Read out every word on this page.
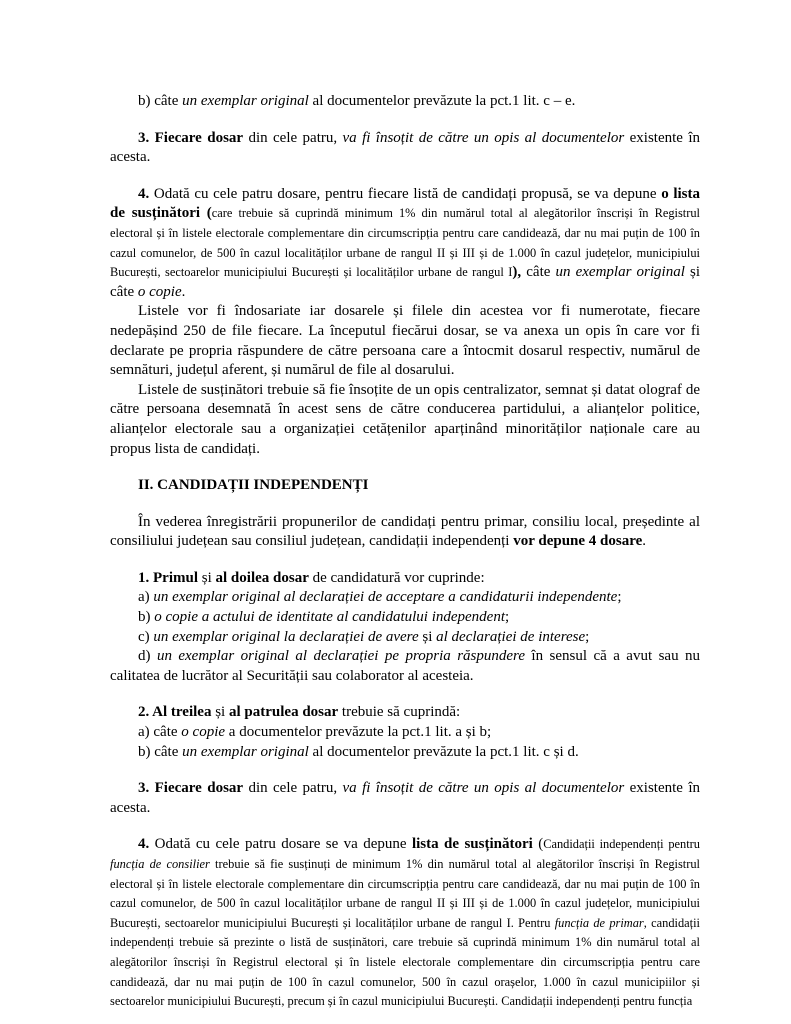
b) câte un exemplar original al documentelor prevăzute la pct.1 lit. c – e.

3. Fiecare dosar din cele patru, va fi însoțit de către un opis al documentelor existente în acesta.

4. Odată cu cele patru dosare, pentru fiecare listă de candidați propusă, se va depune o lista de susținători (care trebuie să cuprindă minimum 1% din numărul total al alegătorilor înscriși în Registrul electoral și în listele electorale complementare din circumscripția pentru care candidează, dar nu mai puțin de 100 în cazul comunelor, de 500 în cazul localităților urbane de rangul II și III și de 1.000 în cazul județelor, municipiului București, sectoarelor municipiului București și localităților urbane de rangul I), câte un exemplar original și câte o copie.

Listele vor fi îndosariate iar dosarele și filele din acestea vor fi numerotate, fiecare nedepășind 250 de file fiecare. La începutul fiecărui dosar, se va anexa un opis în care vor fi declarate pe propria răspundere de către persoana care a întocmit dosarul respectiv, numărul de semnături, județul aferent, și numărul de file al dosarului.

Listele de susținători trebuie să fie însoțite de un opis centralizator, semnat și datat olograf de către persoana desemnată în acest sens de către conducerea partidului, a alianțelor politice, alianțelor electorale sau a organizației cetățenilor aparținând minorităților naționale care au propus lista de candidați.

II. CANDIDAȚII INDEPENDENȚI

În vederea înregistrării propunerilor de candidați pentru primar, consiliu local, președinte al consiliului județean sau consiliul județean, candidații independenți vor depune 4 dosare.

1. Primul și al doilea dosar de candidatură vor cuprinde:

a) un exemplar original al declarației de acceptare a candidaturii independente;

b) o copie a actului de identitate al candidatului independent;

c) un exemplar original la declarației de avere și al declarației de interese;

d) un exemplar original al declarației pe propria răspundere în sensul că a avut sau nu calitatea de lucrător al Securității sau colaborator al acesteia.

2. Al treilea și al patrulea dosar trebuie să cuprindă:

a) câte o copie a documentelor prevăzute la pct.1 lit. a și b;

b) câte un exemplar original al documentelor prevăzute la pct.1 lit. c și d.

3. Fiecare dosar din cele patru, va fi însoțit de către un opis al documentelor existente în acesta.

4. Odată cu cele patru dosare se va depune lista de susținători (Candidații independenți pentru funcția de consilier trebuie să fie susținuți de minimum 1% din numărul total al alegătorilor înscriși în Registrul electoral și în listele electorale complementare din circumscripția pentru care candidează, dar nu mai puțin de 100 în cazul comunelor, de 500 în cazul localităților urbane de rangul II și III și de 1.000 în cazul județelor, municipiului București, sectoarelor municipiului București și localităților urbane de rangul I. Pentru funcția de primar, candidații independenți trebuie să prezinte o listă de susținători, care trebuie să cuprindă minimum 1% din numărul total al alegătorilor înscriși în Registrul electoral și în listele electorale complementare din circumscripția pentru care candidează, dar nu mai puțin de 100 în cazul comunelor, 500 în cazul orașelor, 1.000 în cazul municipiilor și sectoarelor municipiului București, precum și în cazul municipiului București. Candidații independenți pentru funcția
